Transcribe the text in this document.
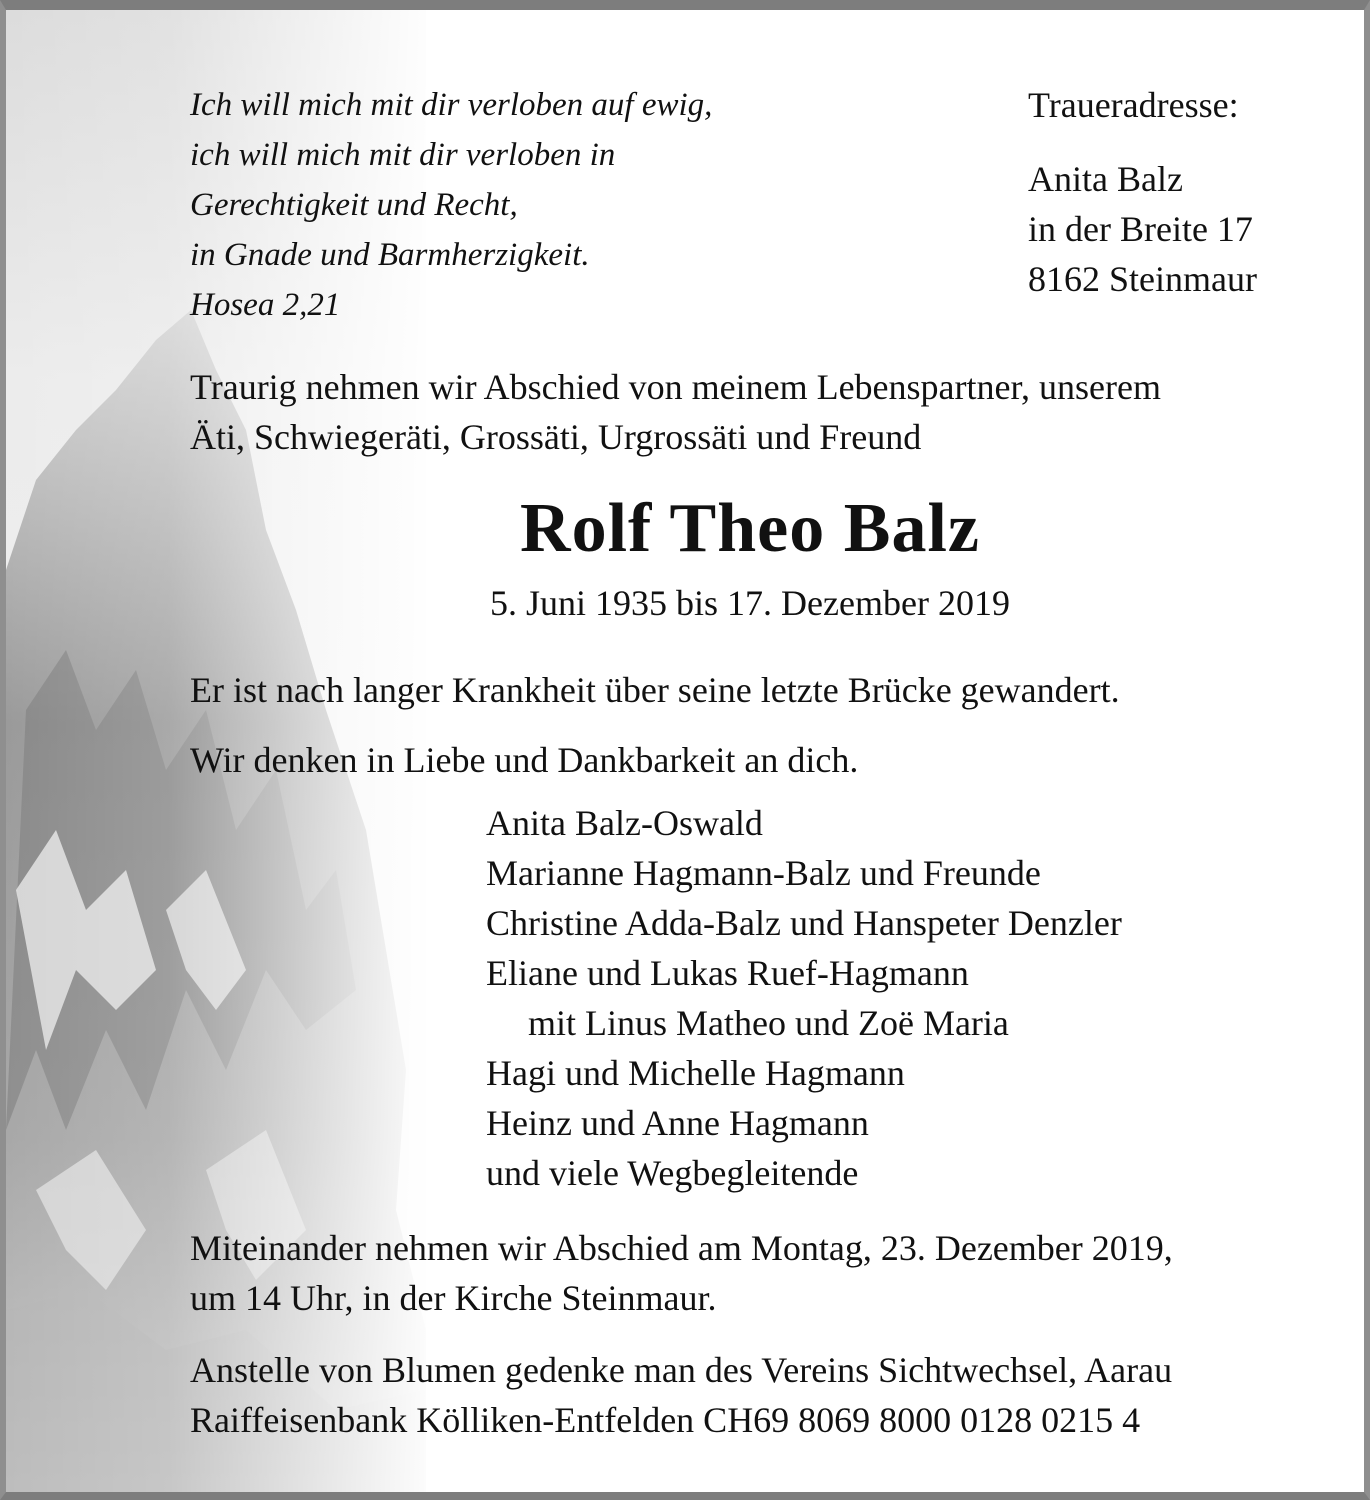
Ich will mich mit dir verloben auf ewig,
ich will mich mit dir verloben in
Gerechtigkeit und Recht,
in Gnade und Barmherzigkeit.
Hosea 2,21
Traueradresse:
Anita Balz
in der Breite 17
8162 Steinmaur
Traurig nehmen wir Abschied von meinem Lebenspartner, unserem
Äti, Schwiegeräti, Grossäti, Urgrossäti und Freund
Rolf Theo Balz
5. Juni 1935 bis 17. Dezember 2019
Er ist nach langer Krankheit über seine letzte Brücke gewandert.
Wir denken in Liebe und Dankbarkeit an dich.
Anita Balz-Oswald
Marianne Hagmann-Balz und Freunde
Christine Adda-Balz und Hanspeter Denzler
Eliane und Lukas Ruef-Hagmann
mit Linus Matheo und Zoë Maria
Hagi und Michelle Hagmann
Heinz und Anne Hagmann
und viele Wegbegleitende
Miteinander nehmen wir Abschied am Montag, 23. Dezember 2019,
um 14 Uhr, in der Kirche Steinmaur.
Anstelle von Blumen gedenke man des Vereins Sichtwechsel, Aarau
Raiffeisenbank Kölliken-Entfelden CH69 8069 8000 0128 0215 4
